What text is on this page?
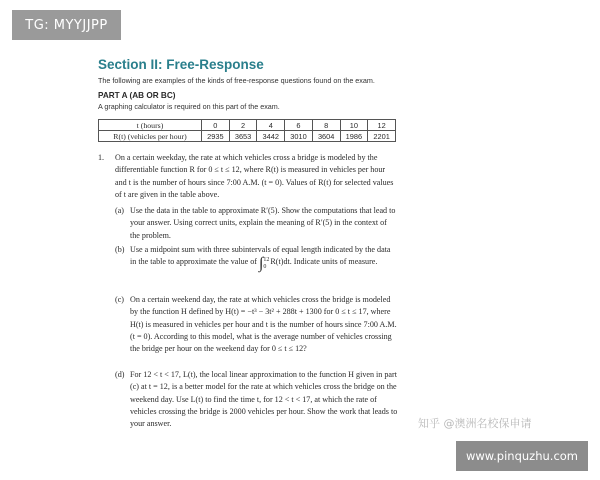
TG: MYYJJPP
Section II: Free-Response
The following are examples of the kinds of free-response questions found on the exam.
PART A (AB OR BC)
A graphing calculator is required on this part of the exam.
t (hours)	0	2	4	6	8	10	12
R(t) (vehicles per hour)	2935	3653	3442	3010	3604	1986	2201
1. On a certain weekday, the rate at which vehicles cross a bridge is modeled by the differentiable function R for 0 ≤ t ≤ 12, where R(t) is measured in vehicles per hour and t is the number of hours since 7:00 A.M. (t = 0). Values of R(t) for selected values of t are given in the table above.
(a) Use the data in the table to approximate R′(5). Show the computations that lead to your answer. Using correct units, explain the meaning of R′(5) in the context of the problem.
(b) Use a midpoint sum with three subintervals of equal length indicated by the data in the table to approximate the value of ∫12
0R(t)dt. Indicate units of measure.
(c) On a certain weekend day, the rate at which vehicles cross the bridge is modeled by the function H defined by H(t) = −t³ − 3t² + 288t + 1300 for 0 ≤ t ≤ 17, where H(t) is measured in vehicles per hour and t is the number of hours since 7:00 A.M. (t = 0). According to this model, what is the average number of vehicles crossing the bridge per hour on the weekend day for 0 ≤ t ≤ 12?
(d) For 12 < t < 17, L(t), the local linear approximation to the function H given in part (c) at t = 12, is a better model for the rate at which vehicles cross the bridge on the weekend day. Use L(t) to find the time t, for 12 < t < 17, at which the rate of vehicles crossing the bridge is 2000 vehicles per hour. Show the work that leads to your answer.	知乎 @澳洲名校保申请
www.pinquzhu.com
